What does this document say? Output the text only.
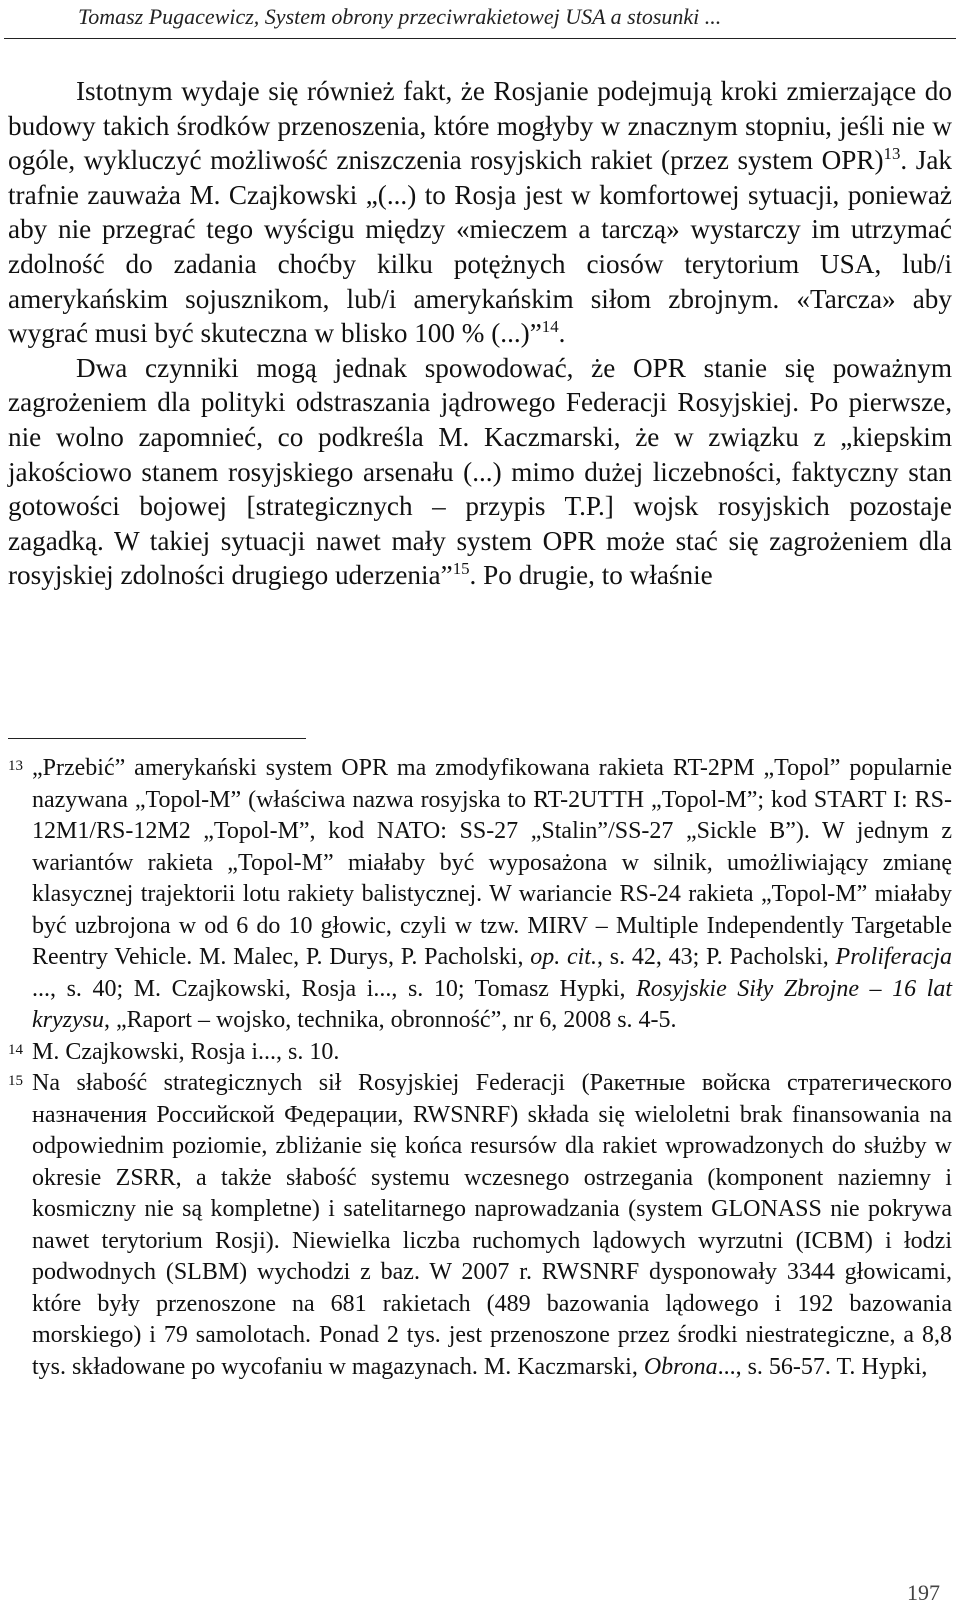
Tomasz Pugacewicz, System obrony przeciwrakietowej USA a stosunki ...

Istotnym wydaje się również fakt, że Rosjanie podejmują kroki zmierzające do budowy takich środków przenoszenia, które mogłyby w znacznym stopniu, jeśli nie w ogóle, wykluczyć możliwość zniszczenia rosyjskich rakiet (przez system OPR)$^{13}$. Jak trafnie zauważa M. Czajkowski „(...) to Rosja jest w komfortowej sytuacji, ponieważ aby nie przegrać tego wyścigu między «mieczem a tarczą» wystarczy im utrzymać zdolność do zadania choćby kilku potężnych ciosów terytorium USA, lub/i amerykańskim sojusznikom, lub/i amerykańskim siłom zbrojnym. «Tarcza» aby wygrać musi być skuteczna w blisko 100 % (...)”$^{14}$.

Dwa czynniki mogą jednak spowodować, że OPR stanie się poważnym zagrożeniem dla polityki odstraszania jądrowego Federacji Rosyjskiej. Po pierwsze, nie wolno zapomnieć, co podkreśla M. Kaczmarski, że w związku z „kiepskim jakościowo stanem rosyjskiego arsenału (...) mimo dużej liczebności, faktyczny stan gotowości bojowej [strategicznych – przypis T.P.] wojsk rosyjskich pozostaje zagadką. W takiej sytuacji nawet mały system OPR może stać się zagrożeniem dla rosyjskiej zdolności drugiego uderzenia”$^{15}$. Po drugie, to właśnie

13 „Przebić” amerykański system OPR ma zmodyfikowana rakieta RT-2PM „Topol” popularnie nazywana „Topol-M” (właściwa nazwa rosyjska to RT-2UTTH „Topol-M”; kod START I: RS-12M1/RS-12M2 „Topol-M”, kod NATO: SS-27 „Stalin”/SS-27 „Sickle B”). W jednym z wariantów rakieta „Topol-M” miałaby być wyposażona w silnik, umożliwiający zmianę klasycznej trajektorii lotu rakiety balistycznej. W wariancie RS-24 rakieta „Topol-M” miałaby być uzbrojona w od 6 do 10 głowic, czyli w tzw. MIRV – Multiple Independently Targetable Reentry Vehicle. M. Malec, P. Durys, P. Pacholski, op. cit., s. 42, 43; P. Pacholski, Proliferacja ..., s. 40; M. Czajkowski, Rosja i..., s. 10; Tomasz Hypki, Rosyjskie Siły Zbrojne – 16 lat kryzysu, „Raport – wojsko, technika, obronność”, nr 6, 2008 s. 4-5.

14 M. Czajkowski, Rosja i..., s. 10.

15 Na słabość strategicznych sił Rosyjskiej Federacji (Ракетные войска стратегического назначения Российской Федерации, RWSNRF) składa się wieloletni brak finansowania na odpowiednim poziomie, zbliżanie się końca resursów dla rakiet wprowadzonych do służby w okresie ZSRR, a także słabość systemu wczesnego ostrzegania (komponent naziemny i kosmiczny nie są kompletne) i satelitarnego naprowadzania (system GLONASS nie pokrywa nawet terytorium Rosji). Niewielka liczba ruchomych lądowych wyrzutni (ICBM) i łodzi podwodnych (SLBM) wychodzi z baz. W 2007 r. RWSNRF dysponowały 3344 głowicami, które były przenoszone na 681 rakietach (489 bazowania lądowego i 192 bazowania morskiego) i 79 samolotach. Ponad 2 tys. jest przenoszone przez środki niestrategiczne, a 8,8 tys. składowane po wycofaniu w magazynach. M. Kaczmarski, Obrona..., s. 56-57. T. Hypki,

197
